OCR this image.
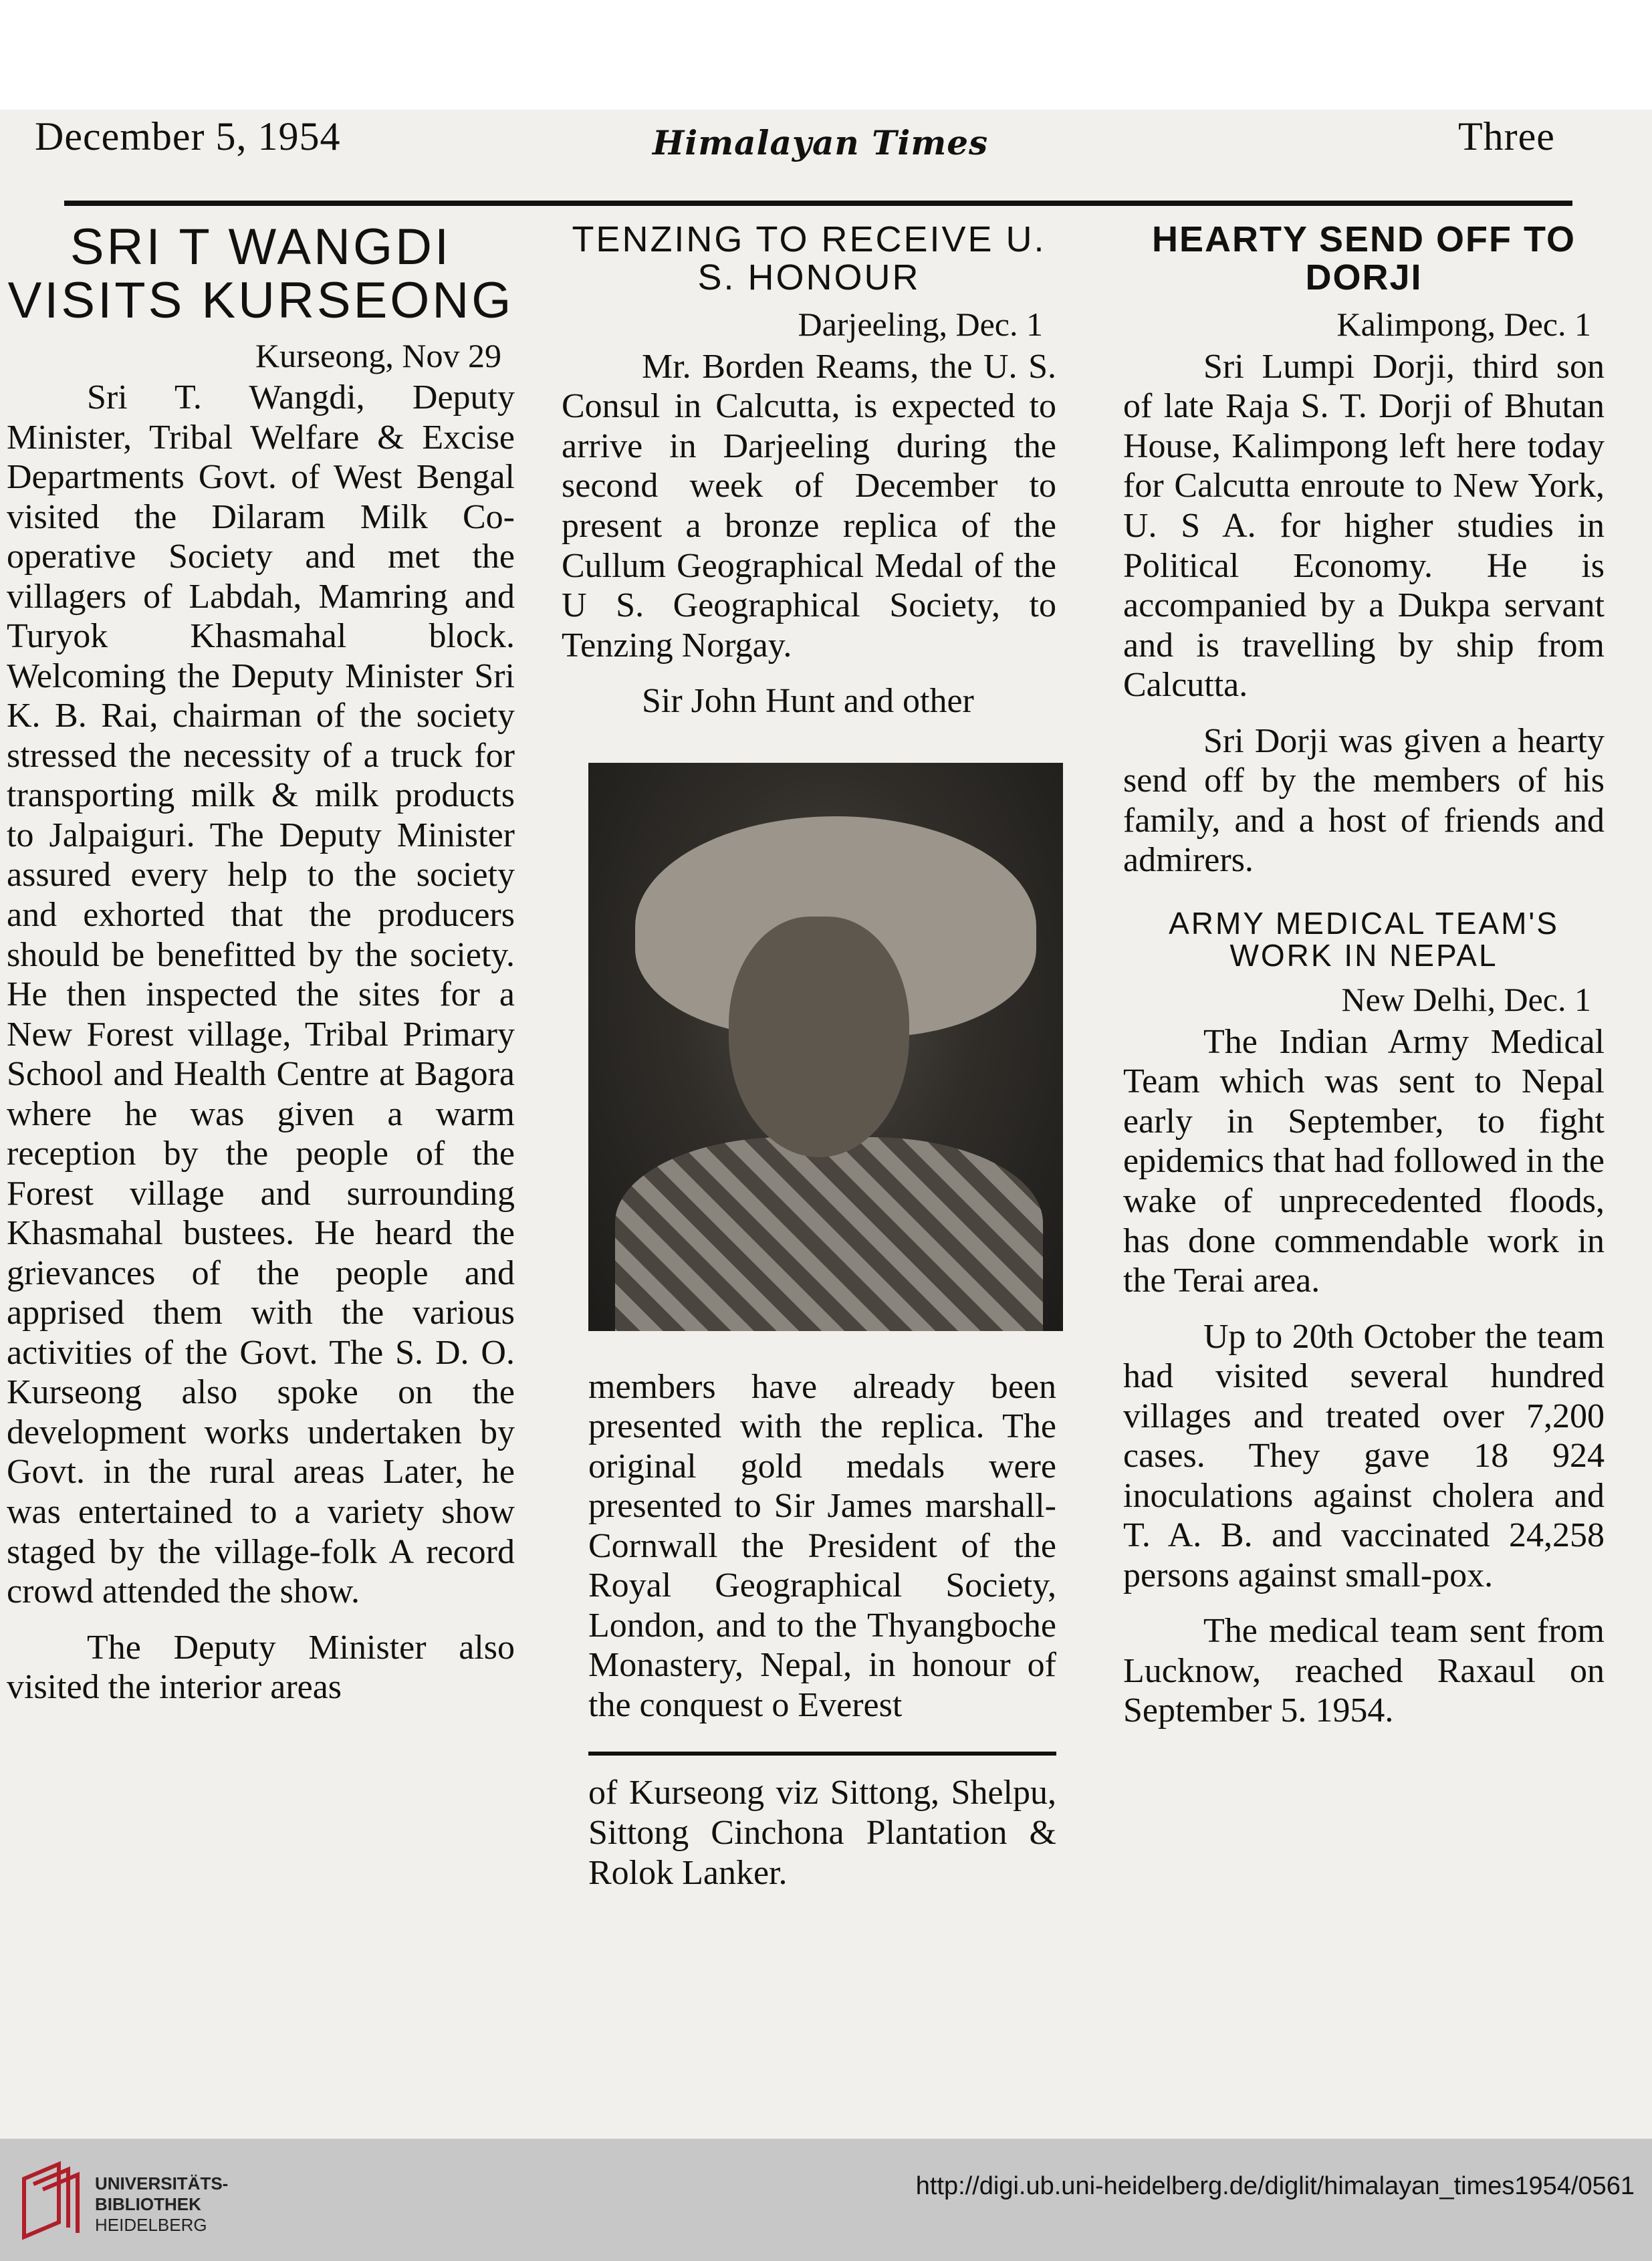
December 5, 1954	Himalayan Times	Three
SRI T WANGDI VISITS KURSEONG
Kurseong, Nov 29

Sri T. Wangdi, Deputy Minister, Tribal Welfare & Excise Departments Govt. of West Bengal visited the Dilaram Milk Co-operative Society and met the villagers of Labdah, Mamring and Turyok Khasmahal block. Welcoming the Deputy Minister Sri K. B. Rai, chairman of the society stressed the necessity of a truck for transporting milk & milk products to Jalpaiguri. The Deputy Minister assured every help to the society and exhorted that the producers should be benefitted by the society. He then inspected the sites for a New Forest village, Tribal Primary School and Health Centre at Bagora where he was given a warm reception by the people of the Forest village and surrounding Khasmahal bustees. He heard the grievances of the people and apprised them with the various activities of the Govt. The S. D. O. Kurseong also spoke on the development works undertaken by Govt. in the rural areas Later, he was entertained to a variety show staged by the village-folk A record crowd attended the show.

The Deputy Minister also visited the interior areas

TENZING TO RECEIVE U. S. HONOUR
Darjeeling, Dec. 1

Mr. Borden Reams, the U. S. Consul in Calcutta, is expected to arrive in Darjeeling during the second week of December to present a bronze replica of the Cullum Geographical Medal of the U S. Geographical Society, to Tenzing Norgay.

Sir John Hunt and other

members have already been presented with the replica. The original gold medals were presented to Sir James marshall-Cornwall the President of the Royal Geographical Society, London, and to the Thyangboche Monastery, Nepal, in honour of the conquest o Everest

of Kurseong viz Sittong, Shelpu, Sittong Cinchona Plantation & Rolok Lanker.

HEARTY SEND OFF TO DORJI
Kalimpong, Dec. 1

Sri Lumpi Dorji, third son of late Raja S. T. Dorji of Bhutan House, Kalimpong left here today for Calcutta enroute to New York, U. S A. for higher studies in Political Economy. He is accompanied by a Dukpa servant and is travelling by ship from Calcutta.

Sri Dorji was given a hearty send off by the members of his family, and a host of friends and admirers.

ARMY MEDICAL TEAM'S WORK IN NEPAL
New Delhi, Dec. 1

The Indian Army Medical Team which was sent to Nepal early in September, to fight epidemics that had followed in the wake of unprecedented floods, has done commendable work in the Terai area.

Up to 20th October the team had visited several hundred villages and treated over 7,200 cases. They gave 18 924 inoculations against cholera and T. A. B. and vaccinated 24,258 persons against small-pox.

The medical team sent from Lucknow, reached Raxaul on September 5. 1954.

UNIVERSITÄTS-
BIBLIOTHEK
HEIDELBERG
http://digi.ub.uni-heidelberg.de/diglit/himalayan_times1954/0561
